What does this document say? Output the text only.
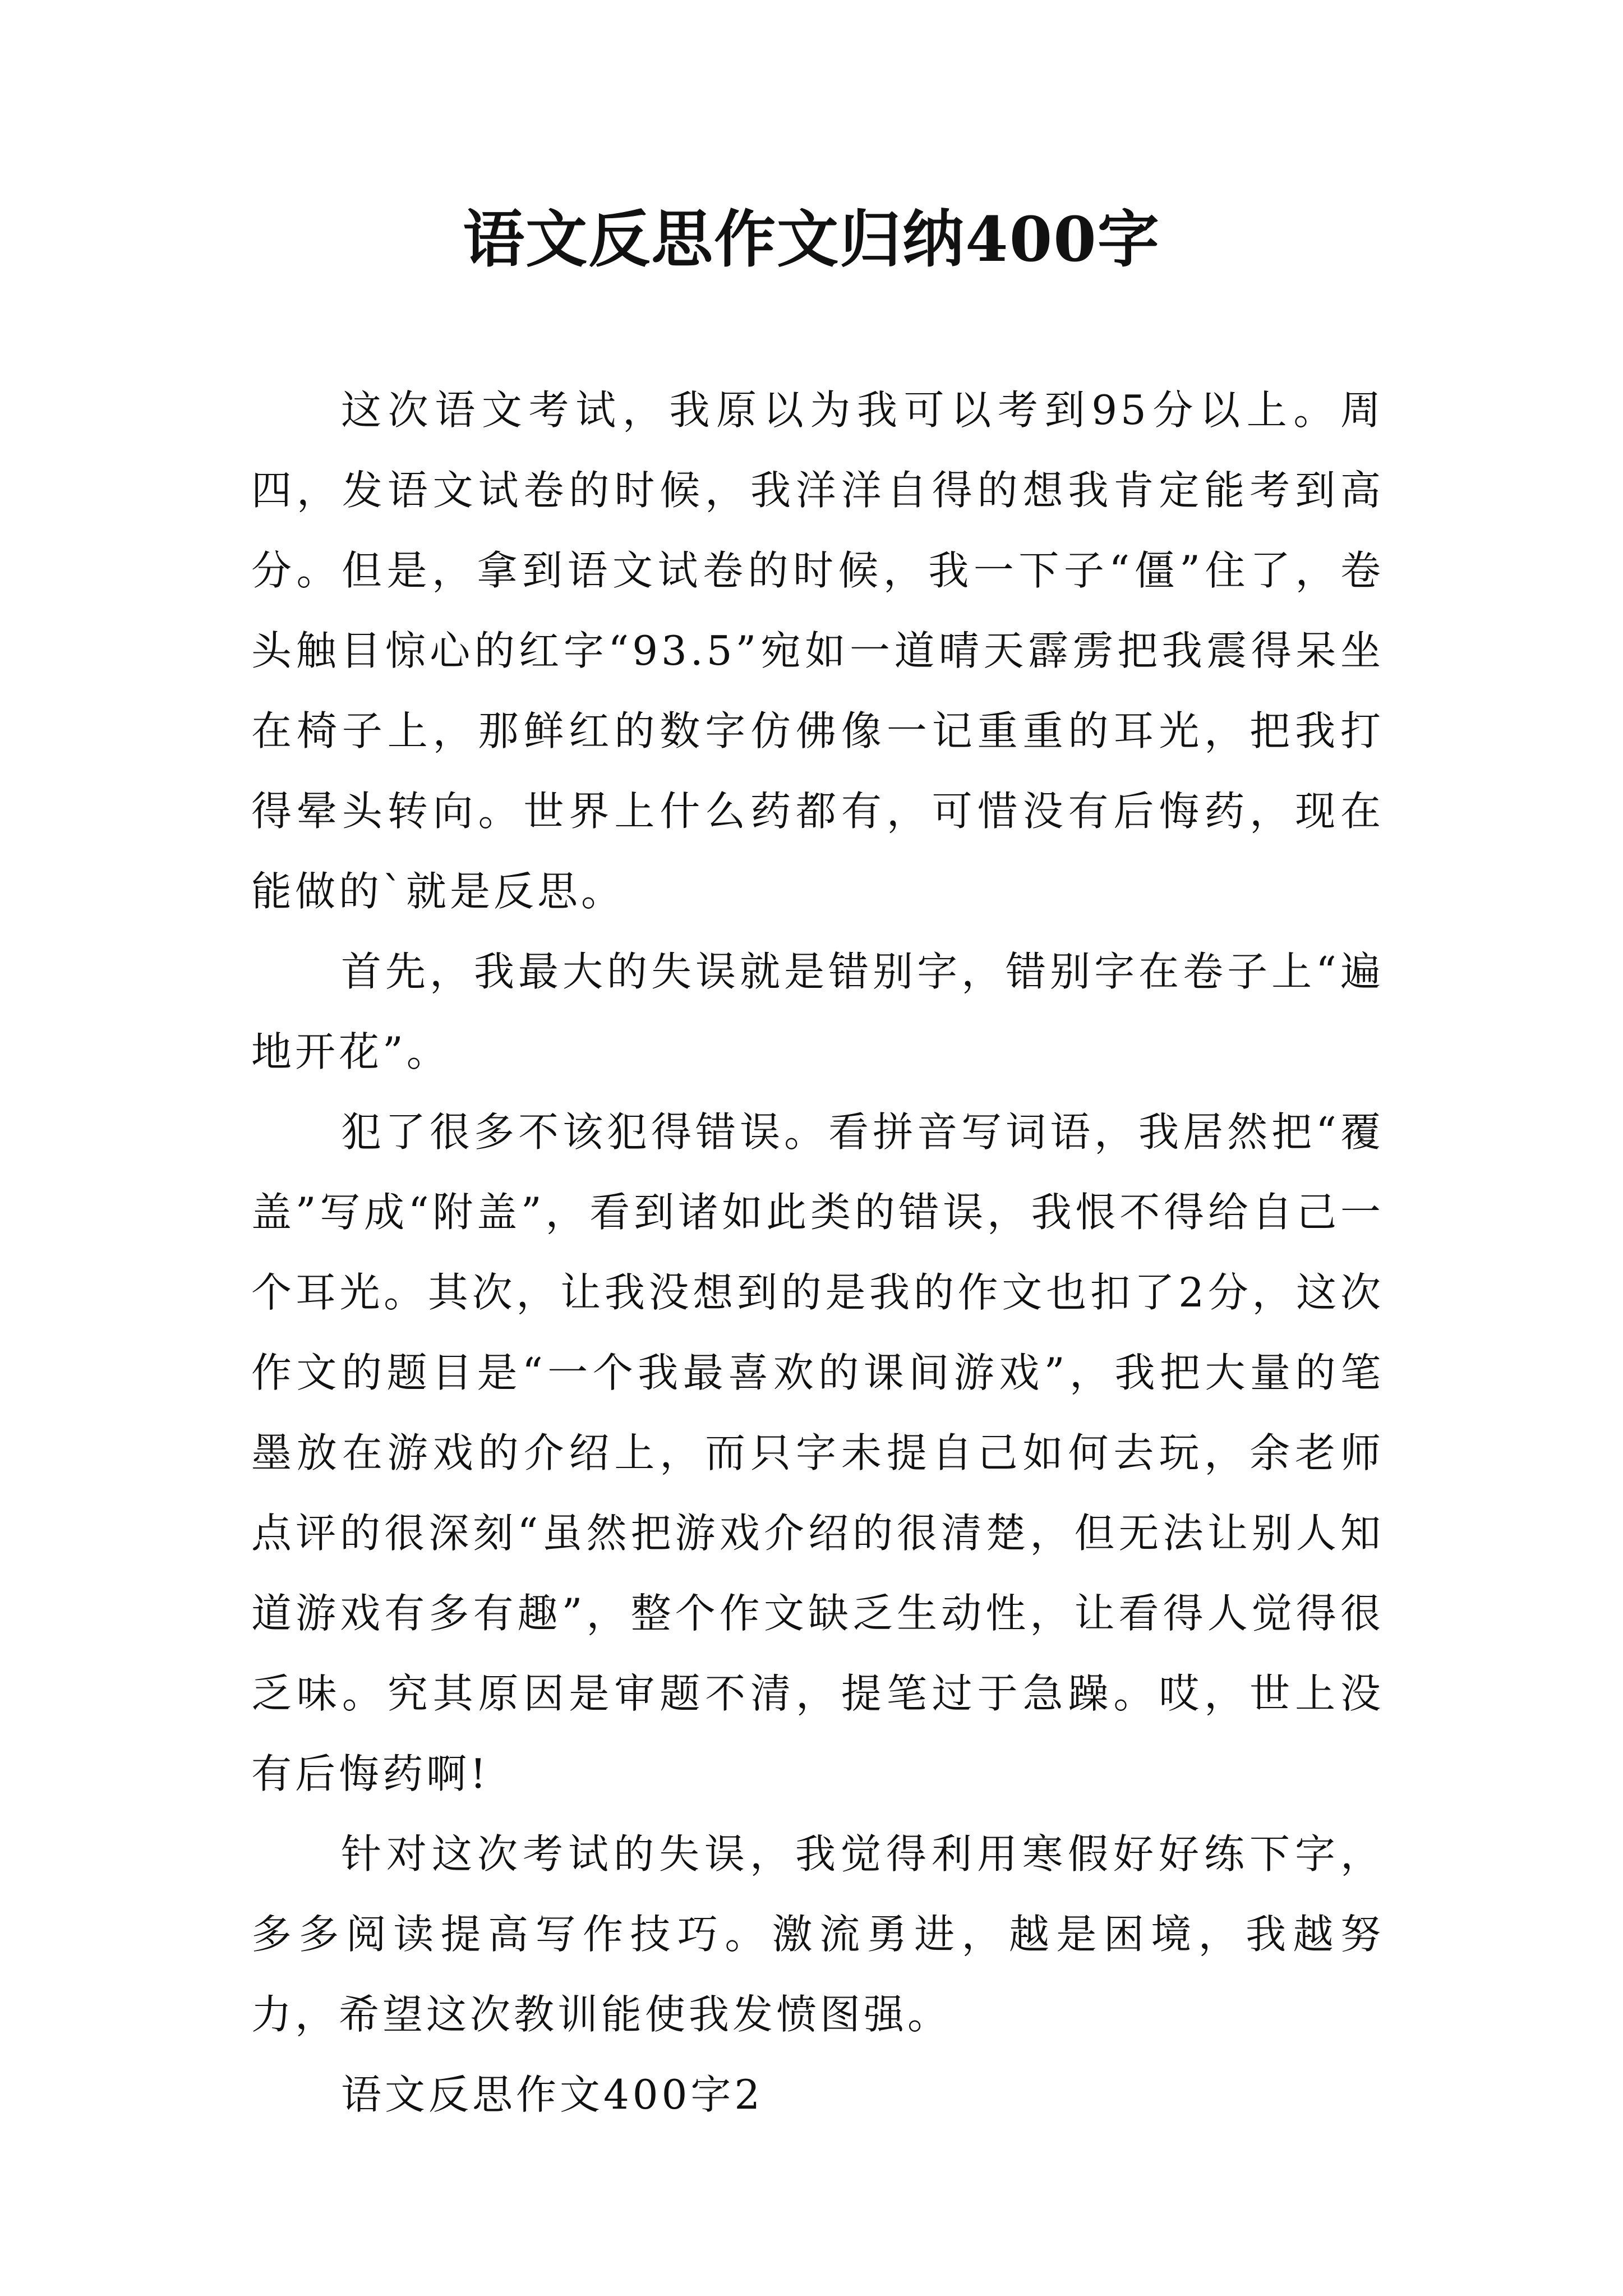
语文反思作文归纳400字

这次语文考试，我原以为我可以考到95分以上。周四，发语文试卷的时候，我洋洋自得的想我肯定能考到高分。但是，拿到语文试卷的时候，我一下子“僵”住了，卷头触目惊心的红字“93.5”宛如一道晴天霹雳把我震得呆坐在椅子上，那鲜红的数字仿佛像一记重重的耳光，把我打得晕头转向。世界上什么药都有，可惜没有后悔药，现在能做的`就是反思。

首先，我最大的失误就是错别字，错别字在卷子上“遍地开花”。

犯了很多不该犯得错误。看拼音写词语，我居然把“覆盖”写成“附盖”，看到诸如此类的错误，我恨不得给自己一个耳光。其次，让我没想到的是我的作文也扣了2分，这次作文的题目是“一个我最喜欢的课间游戏”，我把大量的笔墨放在游戏的介绍上，而只字未提自己如何去玩，余老师点评的很深刻“虽然把游戏介绍的很清楚，但无法让别人知道游戏有多有趣”，整个作文缺乏生动性，让看得人觉得很乏味。究其原因是审题不清，提笔过于急躁。哎，世上没有后悔药啊!

针对这次考试的失误，我觉得利用寒假好好练下字，多多阅读提高写作技巧。激流勇进，越是困境，我越努力，希望这次教训能使我发愤图强。

语文反思作文400字2
